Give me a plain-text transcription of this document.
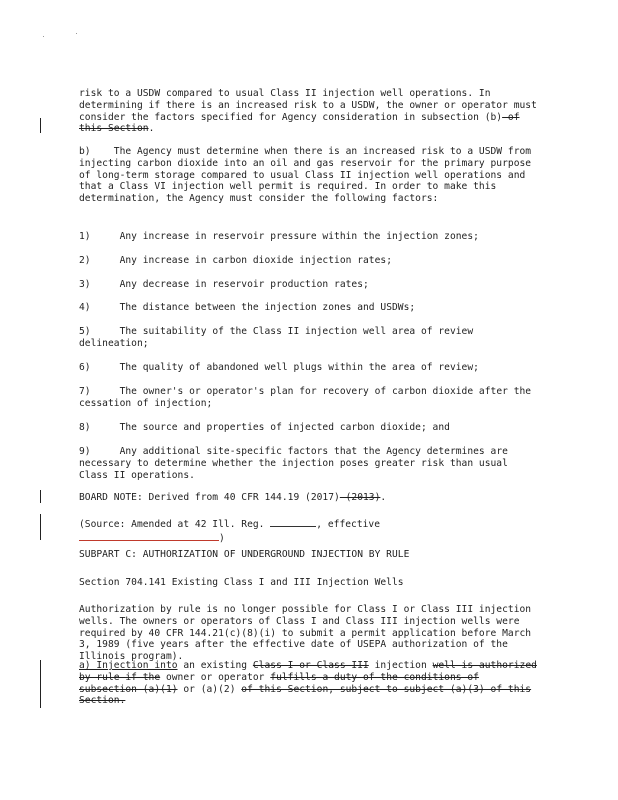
risk to a USDW compared to usual Class II injection well operations. In determining if there is an increased risk to a USDW, the owner or operator must consider the factors specified for Agency consideration in subsection (b) of this Section.
b) The Agency must determine when there is an increased risk to a USDW from injecting carbon dioxide into an oil and gas reservoir for the primary purpose of long-term storage compared to usual Class II injection well operations and that a Class VI injection well permit is required. In order to make this determination, the Agency must consider the following factors:
1)	Any increase in reservoir pressure within the injection zones;
2)	Any increase in carbon dioxide injection rates;
3)	Any decrease in reservoir production rates;
4)	The distance between the injection zones and USDWs;
5)	The suitability of the Class II injection well area of review delineation;
6)	The quality of abandoned well plugs within the area of review;
7)	The owner's or operator's plan for recovery of carbon dioxide after the cessation of injection;
8)	The source and properties of injected carbon dioxide; and
9)	Any additional site-specific factors that the Agency determines are necessary to determine whether the injection poses greater risk than usual Class II operations.
BOARD NOTE: Derived from 40 CFR 144.19 (2017) (2013).
(Source: Amended at 42 Ill. Reg.	, effective
)
SUBPART C: AUTHORIZATION OF UNDERGROUND INJECTION BY RULE
Section 704.141 Existing Class I and III Injection Wells
Authorization by rule is no longer possible for Class I or Class III injection wells. The owners or operators of Class I and Class III injection wells were required by 40 CFR 144.21(c)(8)(i) to submit a permit application before March 3, 1989 (five years after the effective date of USEPA authorization of the Illinois program).
a) Injection into an existing Class I or Class III injection well is authorized by rule if the owner or operator fulfills a duty of the conditions of subsection (a)(1) or (a)(2) of this Section, subject to subject (a)(3) of this Section.
